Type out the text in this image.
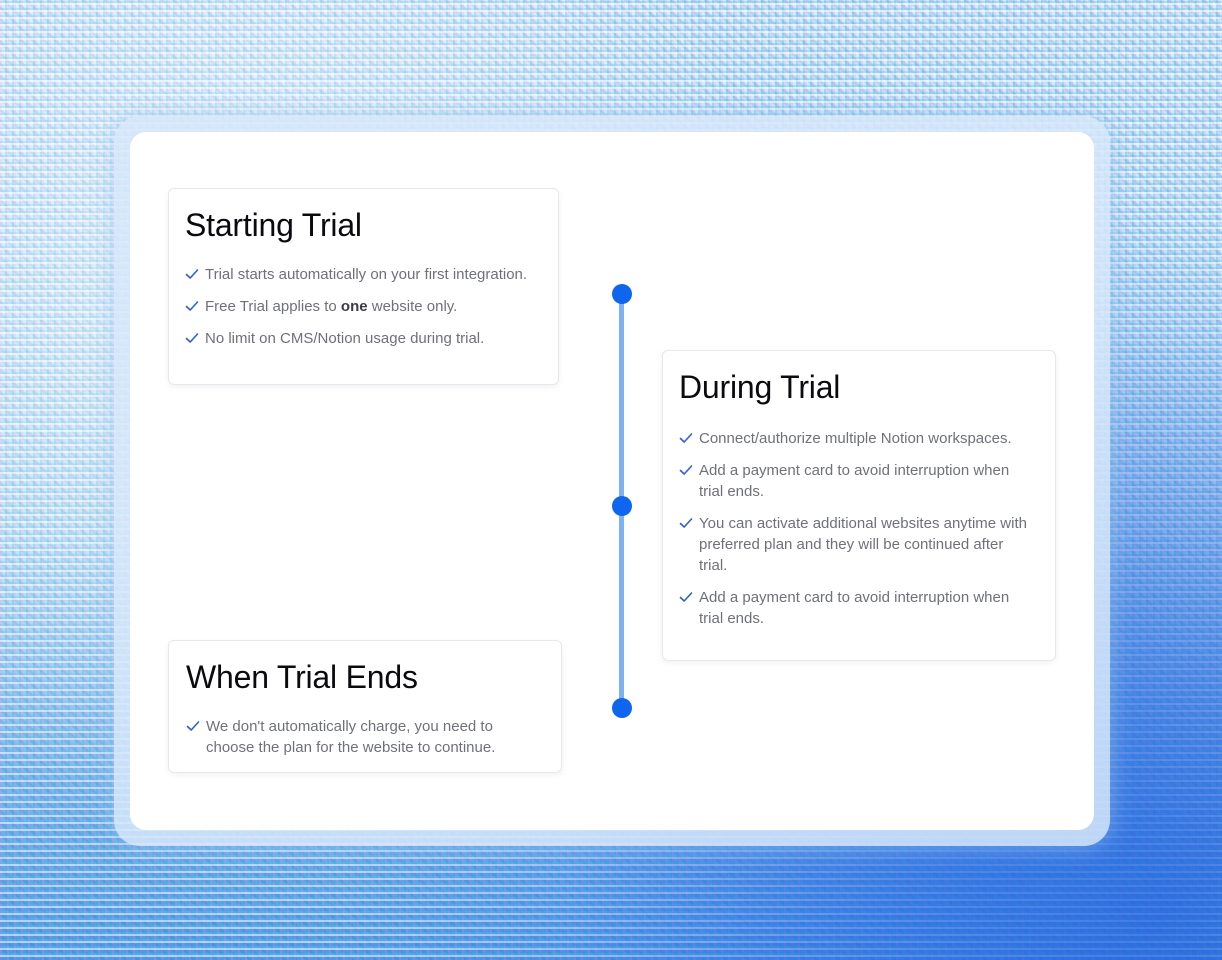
Starting Trial
Trial starts automatically on your first integration.
Free Trial applies to one website only.
No limit on CMS/Notion usage during trial.
During Trial
Connect/authorize multiple Notion workspaces.
Add a payment card to avoid interruption when trial ends.
You can activate additional websites anytime with preferred plan and they will be continued after trial.
Add a payment card to avoid interruption when trial ends.
When Trial Ends
We don't automatically charge, you need to choose the plan for the website to continue.
